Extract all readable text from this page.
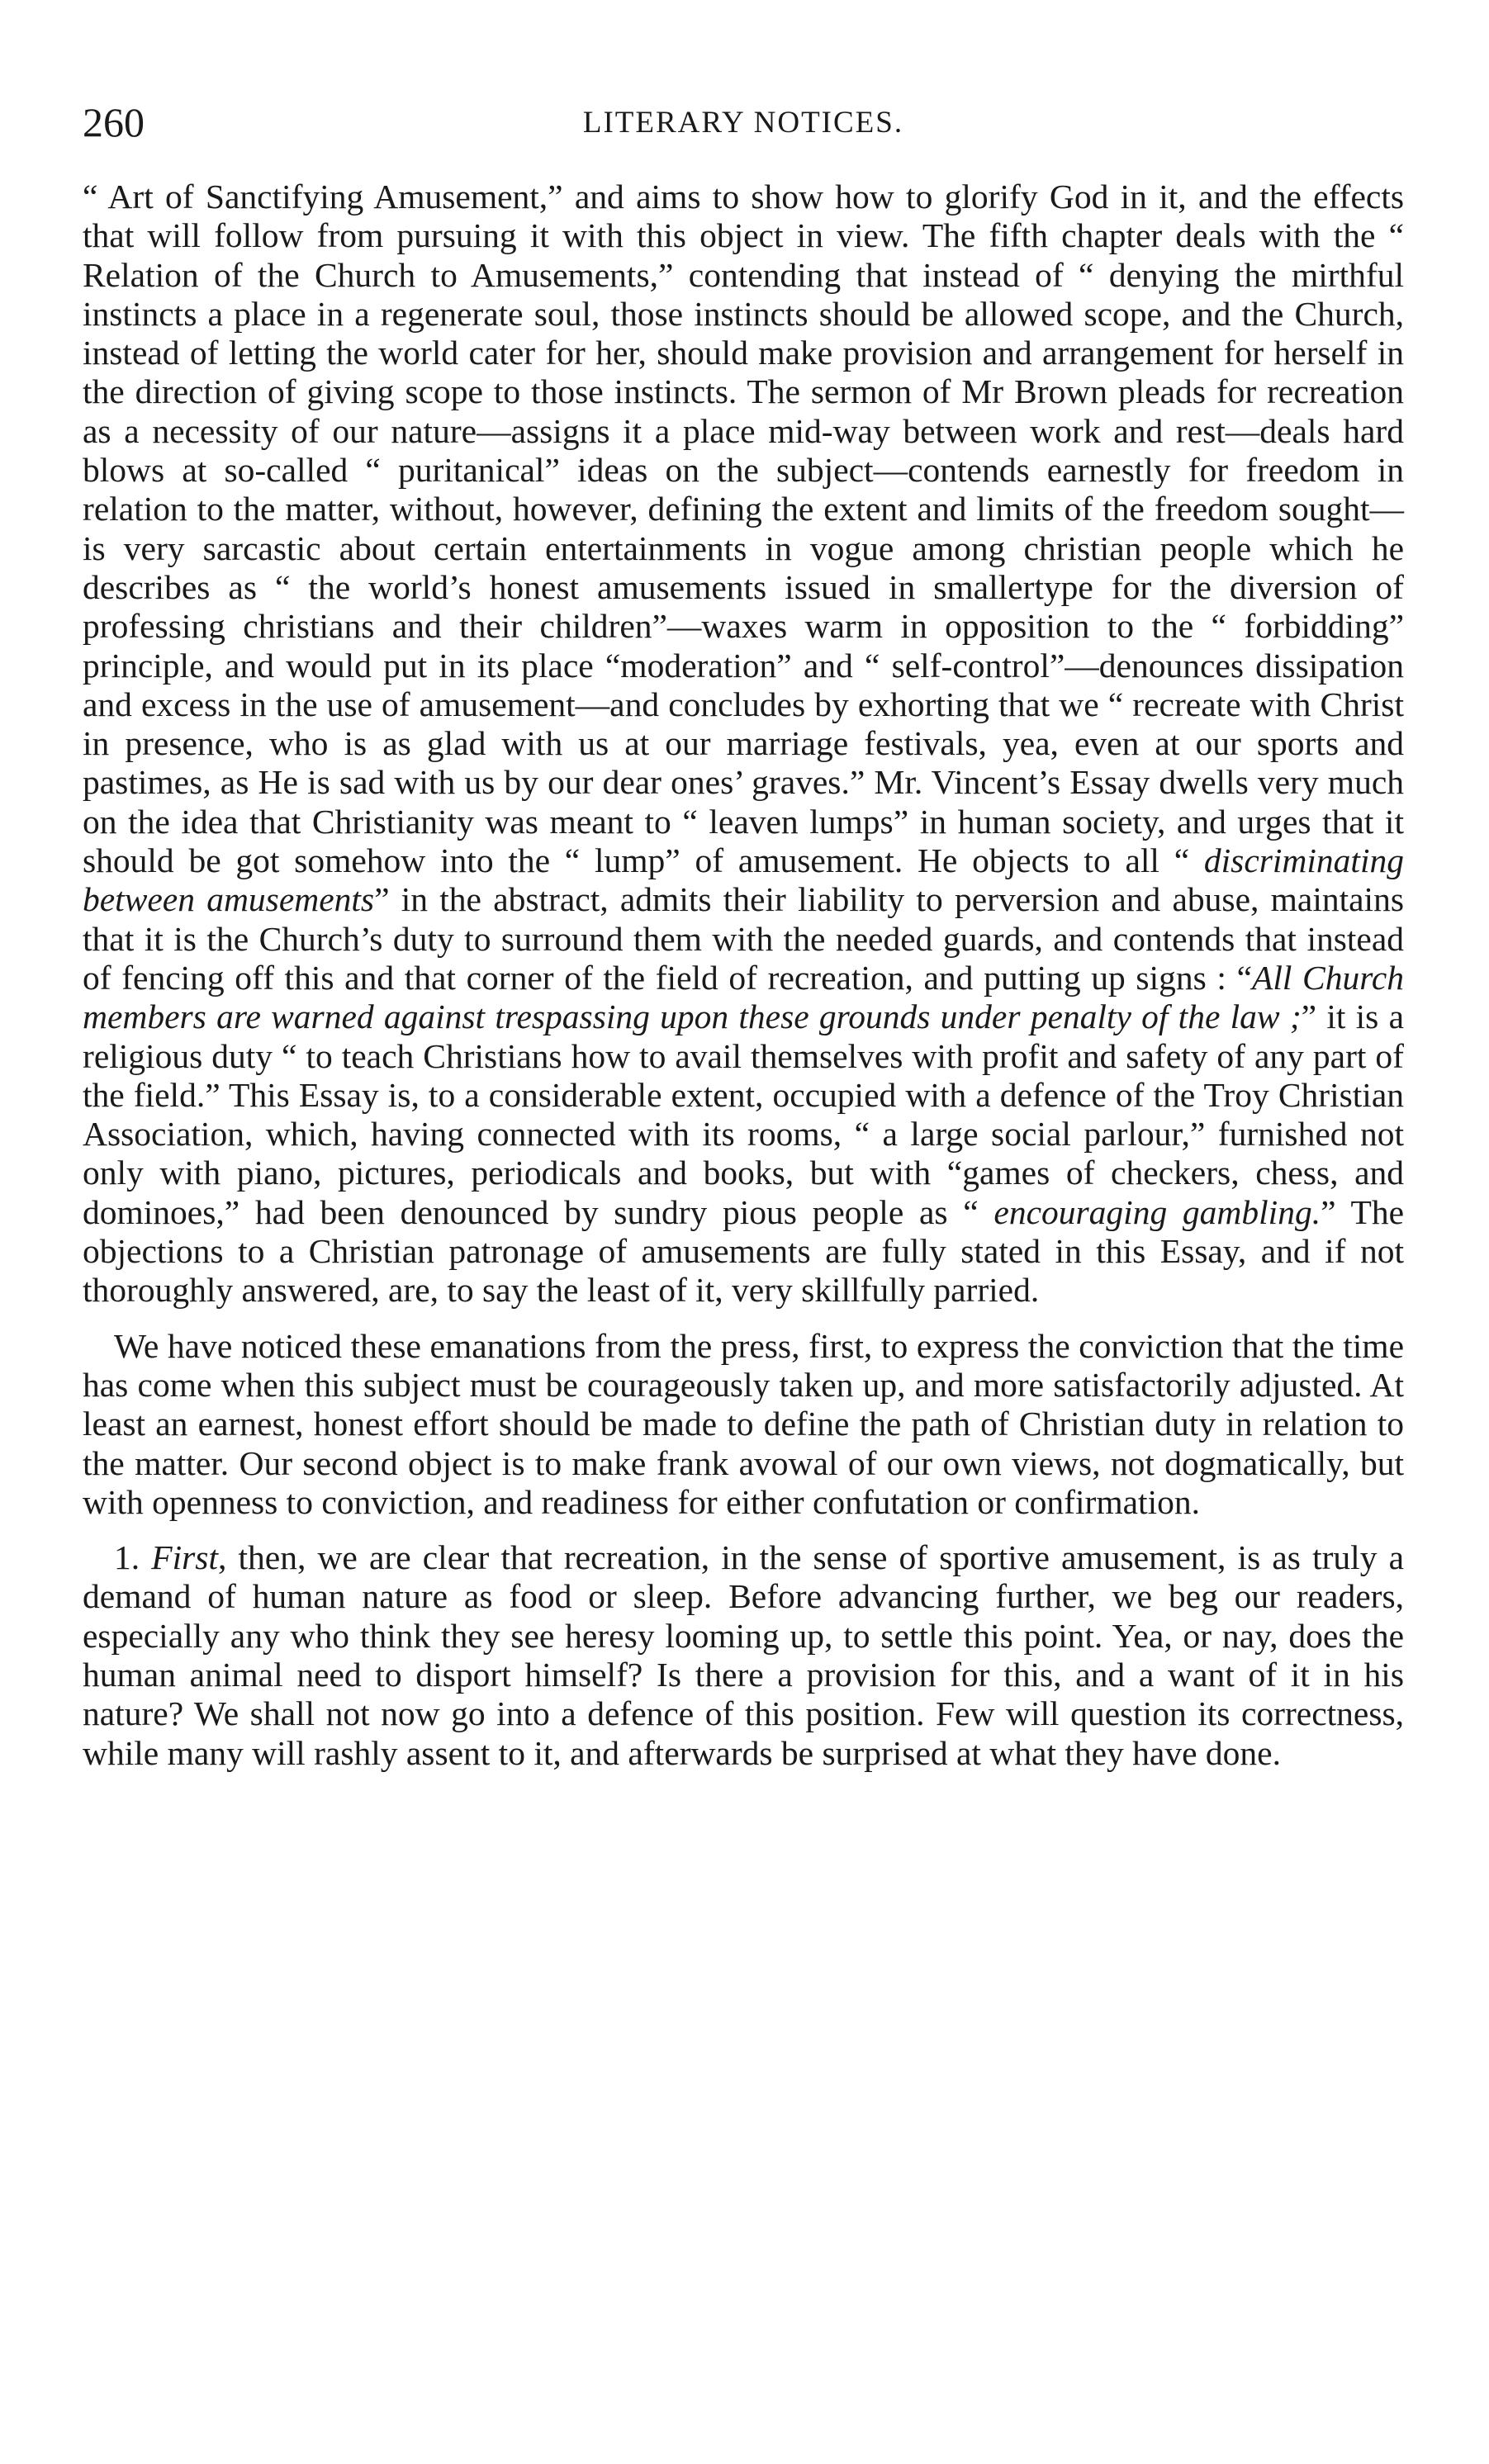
260	LITERARY NOTICES.

“ Art of Sanctifying Amusement,” and aims to show how to glorify God in it, and the effects that will follow from pursuing it with this object in view. The fifth chapter deals with the “ Relation of the Church to Amusements,” contending that instead of “ denying the mirthful instincts a place in a regenerate soul, those instincts should be allowed scope, and the Church, instead of letting the world cater for her, should make provision and arrangement for herself in the direction of giving scope to those instincts. The sermon of Mr Brown pleads for recreation as a necessity of our nature—assigns it a place mid-way between work and rest—deals hard blows at so-called “ puritanical” ideas on the subject—contends earnestly for freedom in relation to the matter, without, however, defining the extent and limits of the freedom sought—is very sarcastic about certain entertainments in vogue among christian people which he describes as “ the world’s honest amusements issued in smallertype for the diversion of professing christians and their children”—waxes warm in opposition to the “ forbidding” principle, and would put in its place “moderation” and “ self-control”—denounces dissipation and excess in the use of amusement—and concludes by exhorting that we “ recreate with Christ in presence, who is as glad with us at our marriage festivals, yea, even at our sports and pastimes, as He is sad with us by our dear ones’ graves.” Mr. Vincent’s Essay dwells very much on the idea that Christianity was meant to “ leaven lumps” in human society, and urges that it should be got somehow into the “ lump” of amusement. He objects to all “ discriminating between amusements” in the abstract, admits their liability to perversion and abuse, maintains that it is the Church’s duty to surround them with the needed guards, and contends that instead of fencing off this and that corner of the field of recreation, and putting up signs : “All Church members are warned against trespassing upon these grounds under penalty of the law ;” it is a religious duty “ to teach Christians how to avail themselves with profit and safety of any part of the field.” This Essay is, to a considerable extent, occupied with a defence of the Troy Christian Association, which, having connected with its rooms, “ a large social parlour,” furnished not only with piano, pictures, periodicals and books, but with “games of checkers, chess, and dominoes,” had been denounced by sundry pious people as “ encouraging gambling.” The objections to a Christian patronage of amusements are fully stated in this Essay, and if not thoroughly answered, are, to say the least of it, very skillfully parried.

We have noticed these emanations from the press, first, to express the conviction that the time has come when this subject must be courageously taken up, and more satisfactorily adjusted. At least an earnest, honest effort should be made to define the path of Christian duty in relation to the matter. Our second object is to make frank avowal of our own views, not dogmatically, but with openness to conviction, and readiness for either confutation or confirmation.

1. First, then, we are clear that recreation, in the sense of sportive amusement, is as truly a demand of human nature as food or sleep. Before advancing further, we beg our readers, especially any who think they see heresy looming up, to settle this point. Yea, or nay, does the human animal need to disport himself? Is there a provision for this, and a want of it in his nature? We shall not now go into a defence of this position. Few will question its correctness, while many will rashly assent to it, and afterwards be surprised at what they have done.
